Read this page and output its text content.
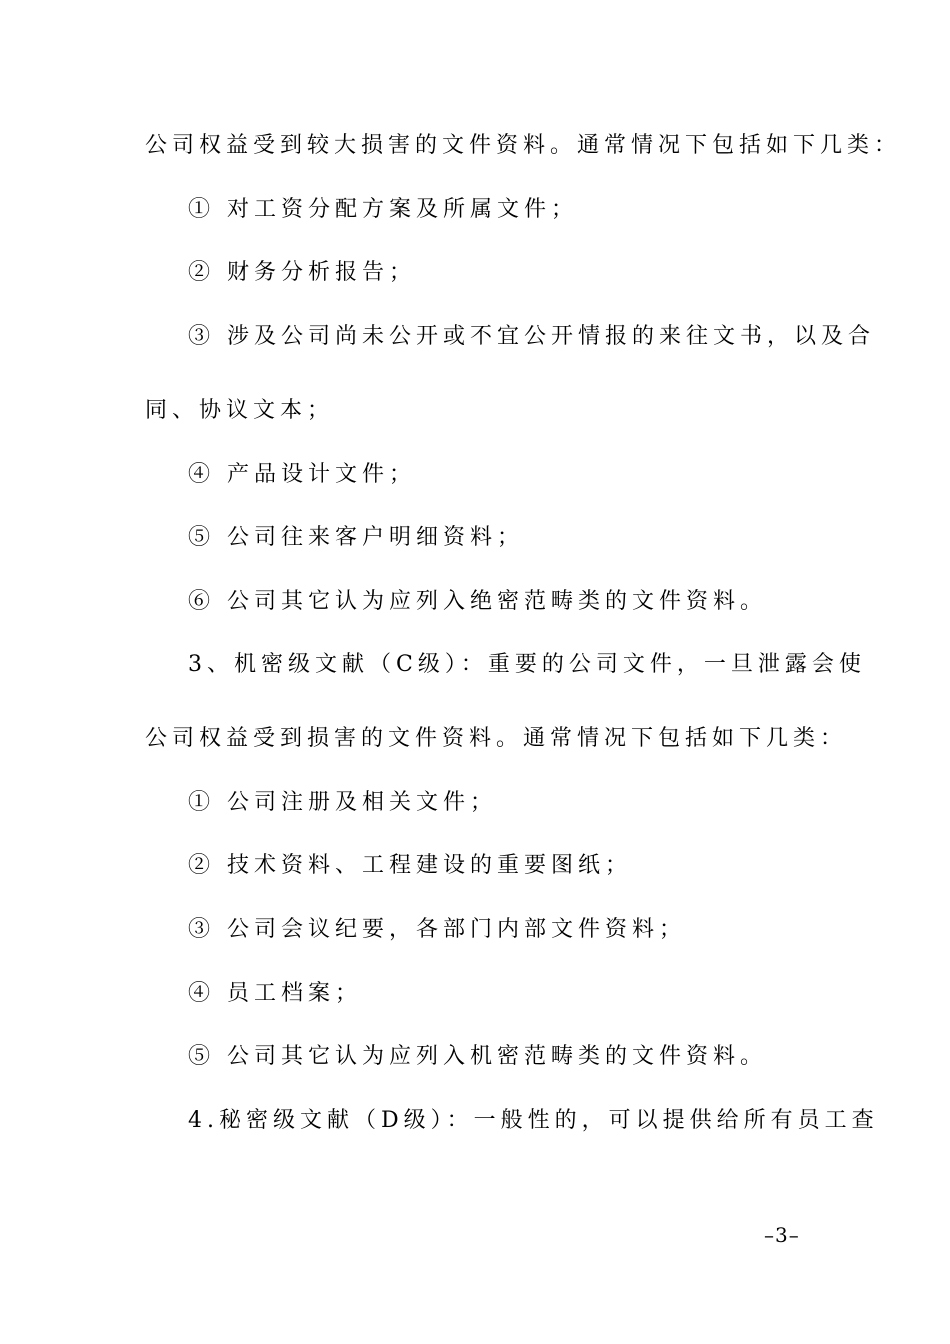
公司权益受到较大损害的文件资料。通常情况下包括如下几类：
① 对工资分配方案及所属文件；
② 财务分析报告；
③ 涉及公司尚未公开或不宜公开情报的来往文书，以及合
同、协议文本；
④ 产品设计文件；
⑤ 公司往来客户明细资料；
⑥ 公司其它认为应列入绝密范畴类的文件资料。
3、机密级文献（C级）：重要的公司文件，一旦泄露会使
公司权益受到损害的文件资料。通常情况下包括如下几类：
① 公司注册及相关文件；
② 技术资料、工程建设的重要图纸；
③ 公司会议纪要，各部门内部文件资料；
④ 员工档案；
⑤ 公司其它认为应列入机密范畴类的文件资料。
4.秘密级文献（D级）：一般性的，可以提供给所有员工查
–3–
